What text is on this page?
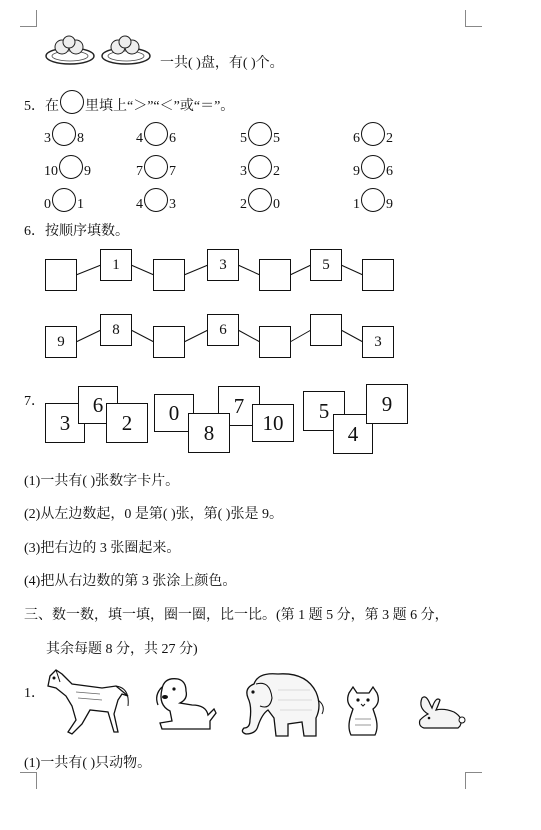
一共( )盘，有( )个。
5．在 里填上“＞”“＜”或“＝”。
3 8	4 6	5 5	6 2
10 9	7 7	3 2	9 6
0 1	4 3	2 0	1 9
6．按顺序填数。
1	3	5
9
8	6
3
7．
3
6
2	0	7
8	10	5
4
9
(1)一共有( )张数字卡片。
(2)从左边数起，0 是第( )张，第( )张是 9。
(3)把右边的 3 张圈起来。
(4)把从右边数的第 3 张涂上颜色。
三、数一数，填一填，圈一圈，比一比。(第 1 题 5 分，第 3 题 6 分，
其余每题 8 分，共 27 分)
1．
(1)一共有( )只动物。
